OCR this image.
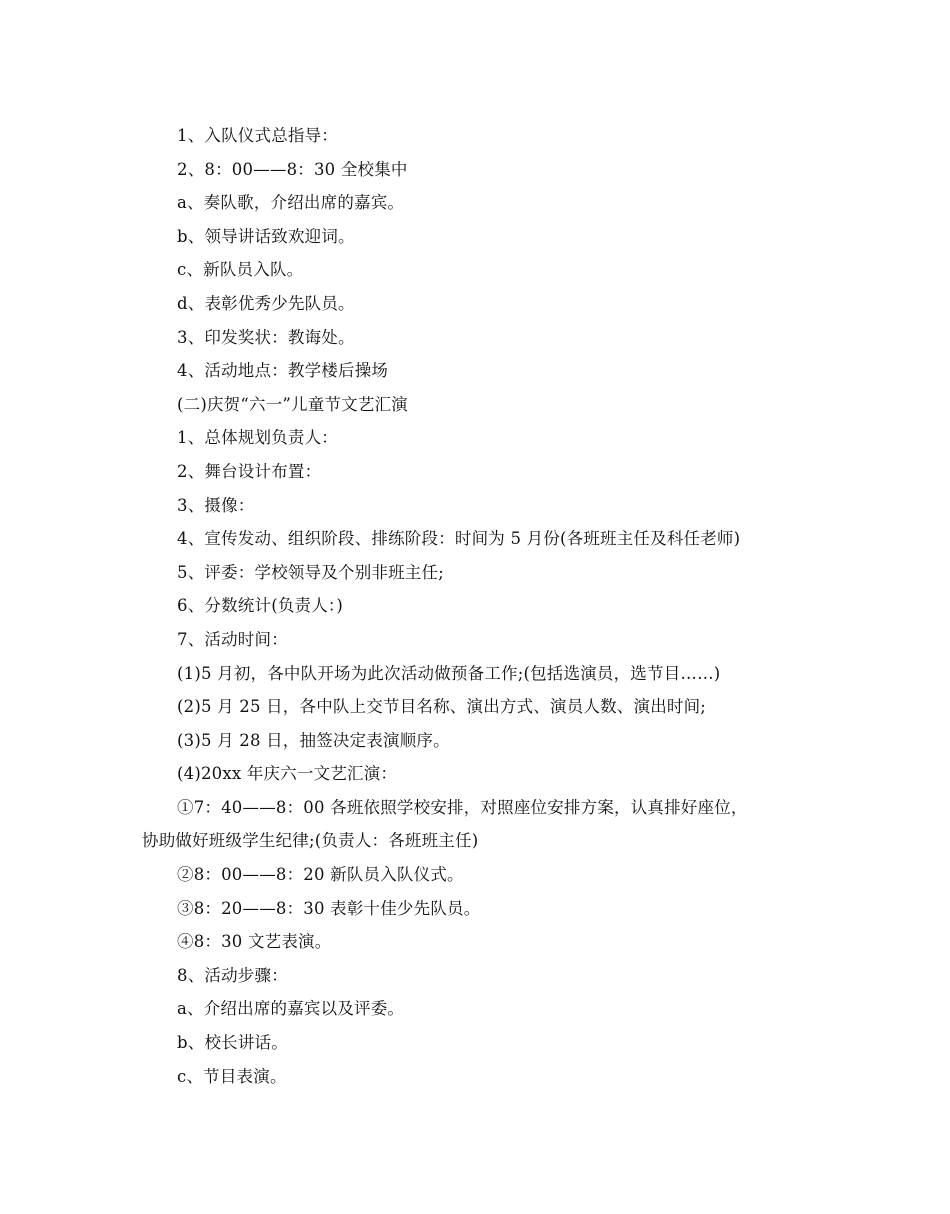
1、入队仪式总指导：
2、8：00——8：30 全校集中
a、奏队歌，介绍出席的嘉宾。
b、领导讲话致欢迎词。
c、新队员入队。
d、表彰优秀少先队员。
3、印发奖状：教诲处。
4、活动地点：教学楼后操场
(二)庆贺“六一”儿童节文艺汇演
1、总体规划负责人：
2、舞台设计布置：
3、摄像：
4、宣传发动、组织阶段、排练阶段：时间为 5 月份(各班班主任及科任老师)
5、评委：学校领导及个别非班主任;
6、分数统计(负责人：)
7、活动时间：
(1)5 月初，各中队开场为此次活动做预备工作;(包括选演员，选节目……)
(2)5 月 25 日，各中队上交节目名称、演出方式、演员人数、演出时间;
(3)5 月 28 日，抽签决定表演顺序。
(4)20xx 年庆六一文艺汇演：
①7：40——8：00 各班依照学校安排，对照座位安排方案，认真排好座位，
协助做好班级学生纪律;(负责人：各班班主任)
②8：00——8：20 新队员入队仪式。
③8：20——8：30 表彰十佳少先队员。
④8：30 文艺表演。
8、活动步骤：
a、介绍出席的嘉宾以及评委。
b、校长讲话。
c、节目表演。
